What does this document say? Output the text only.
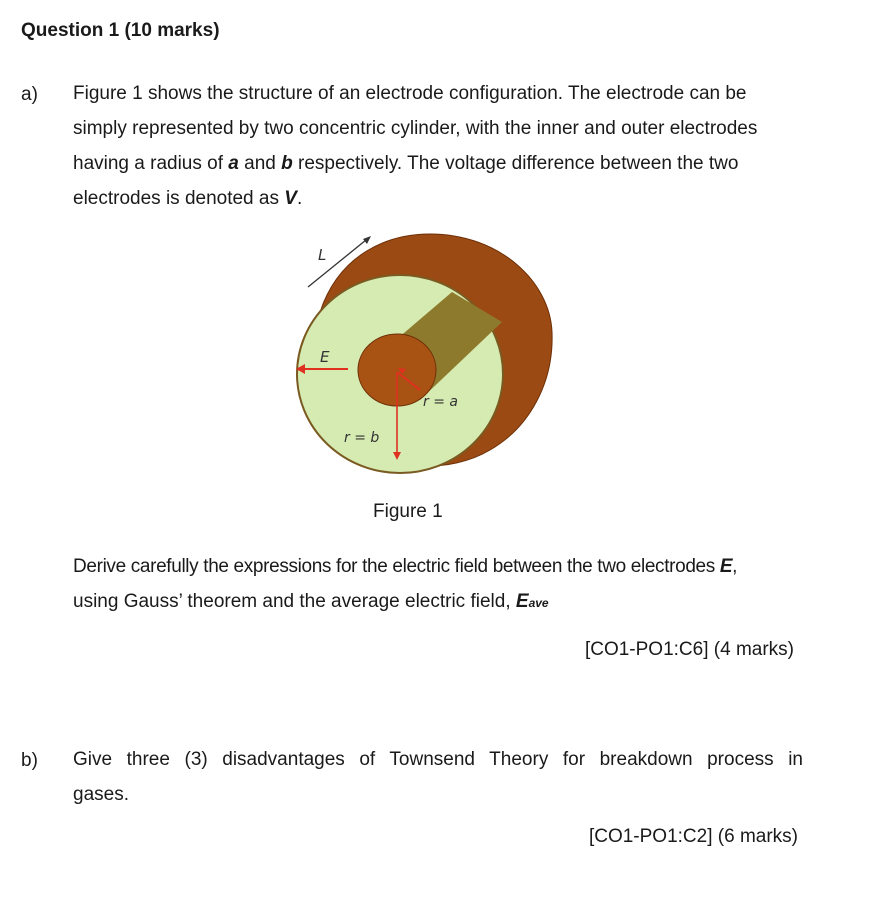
Question 1 (10 marks)
a) Figure 1 shows the structure of an electrode configuration. The electrode can be
simply represented by two concentric cylinder, with the inner and outer electrodes
having a radius of a and b respectively. The voltage difference between the two
electrodes is denoted as V.
L
E
r = a
r = b
Figure 1
Derive carefully the expressions for the electric field between the two electrodes E,
using Gauss’ theorem and the average electric field, Eave
[CO1-PO1:C6] (4 marks)
b) Give three (3) disadvantages of Townsend Theory for breakdown process in
gases.
[CO1-PO1:C2] (6 marks)
